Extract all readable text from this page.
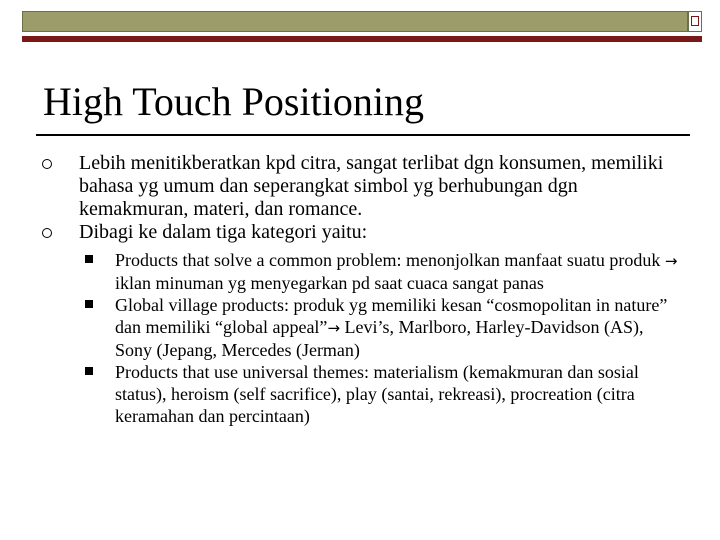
High Touch Positioning
Lebih menitikberatkan kpd citra, sangat terlibat dgn konsumen, memiliki bahasa yg umum dan seperangkat simbol yg berhubungan dgn kemakmuran, materi, dan romance.
Dibagi ke dalam tiga kategori yaitu:
Products that solve a common problem: menonjolkan manfaat suatu produk → iklan minuman yg menyegarkan pd saat cuaca sangat panas
Global village products: produk yg memiliki kesan “cosmopolitan in nature” dan memiliki “global appeal”→ Levi’s, Marlboro, Harley-Davidson (AS), Sony (Jepang, Mercedes (Jerman)
Products that use universal themes: materialism (kemakmuran dan sosial status), heroism (self sacrifice), play (santai, rekreasi), procreation (citra keramahan dan percintaan)
